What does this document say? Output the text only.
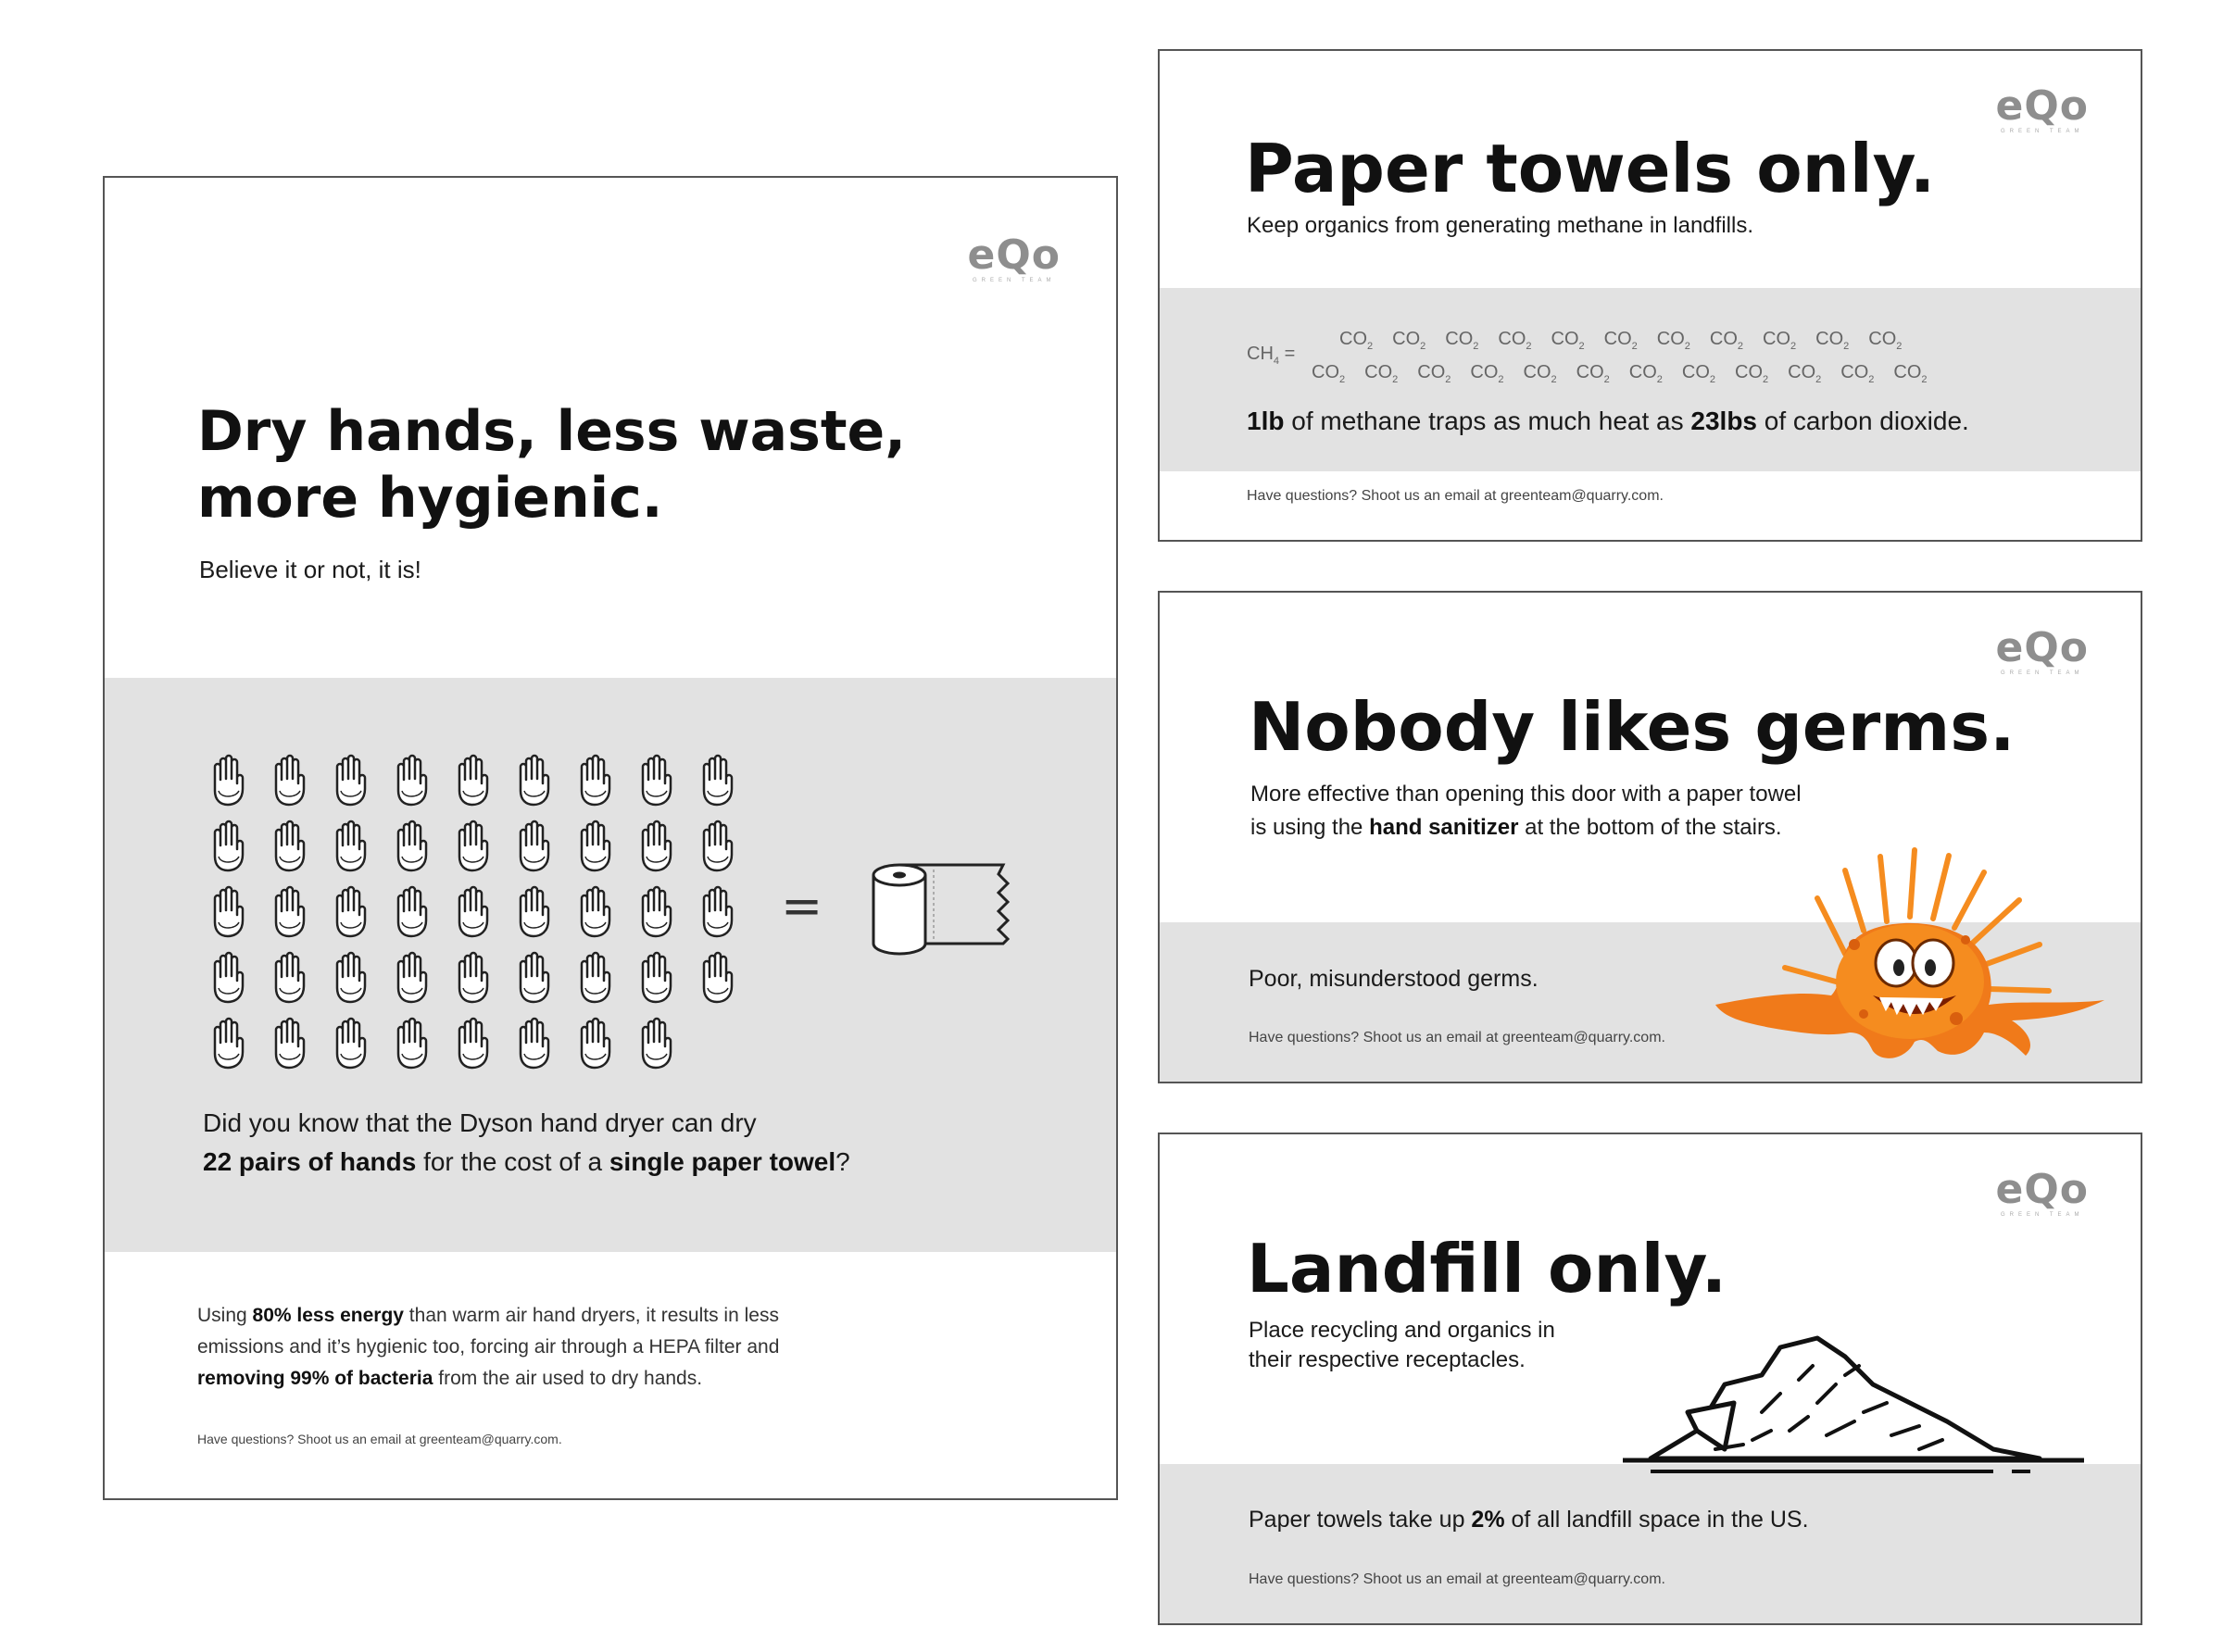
eQo
GREEN TEAM
Dry hands, less waste,
more hygienic.

Believe it or not, it is!

=

Did you know that the Dyson hand dryer can dry
22 pairs of hands for the cost of a single paper towel?

Using 80% less energy than warm air hand dryers, it results in less
emissions and it’s hygienic too, forcing air through a HEPA filter and
removing 99% of bacteria from the air used to dry hands.

Have questions? Shoot us an email at greenteam@quarry.com.
eQo
GREEN TEAM
Paper towels only.

Keep organics from generating methane in landfills.

$CH_4$ =
$CO_2$ $CO_2$ $CO_2$ $CO_2$ $CO_2$ $CO_2$ $CO_2$ $CO_2$ $CO_2$ $CO_2$ $CO_2$
$CO_2$ $CO_2$ $CO_2$ $CO_2$ $CO_2$ $CO_2$ $CO_2$ $CO_2$ $CO_2$ $CO_2$ $CO_2$ $CO_2$

1lb of methane traps as much heat as 23lbs of carbon dioxide.

Have questions? Shoot us an email at greenteam@quarry.com.
eQo
GREEN TEAM
Nobody likes germs.

More effective than opening this door with a paper towel
is using the hand sanitizer at the bottom of the stairs.

Poor, misunderstood germs.

Have questions? Shoot us an email at greenteam@quarry.com.
eQo
GREEN TEAM
Landfill only.

Place recycling and organics in
their respective receptacles.

Paper towels take up 2% of all landfill space in the US.

Have questions? Shoot us an email at greenteam@quarry.com.
